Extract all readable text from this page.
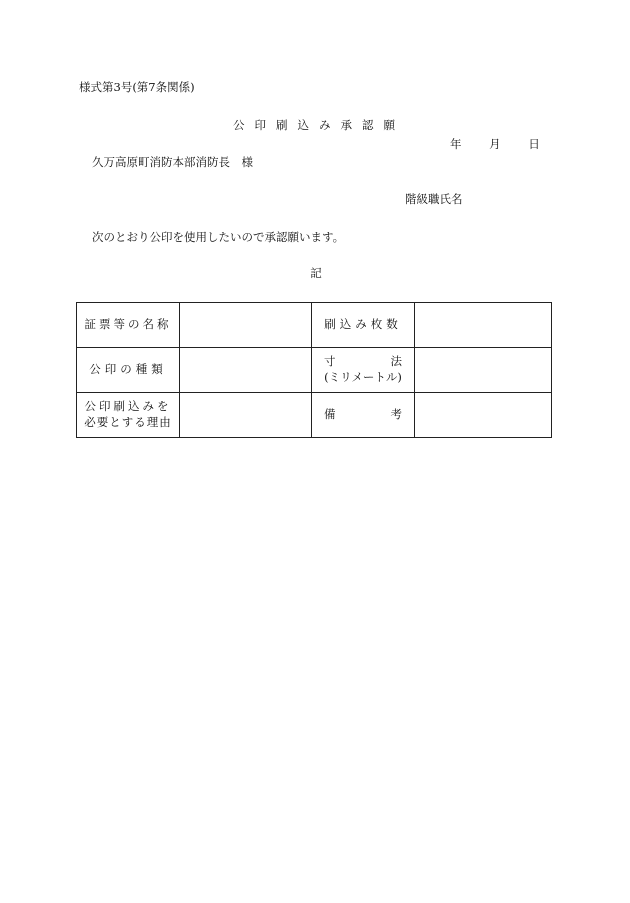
様式第3号(第7条関係)
公印刷込み承認願
年 月 日
久万高原町消防本部消防長　様
階級職氏名
次のとおり公印を使用したいので承認願います。
記
証票等の名称		刷込み枚数	
公印の種類		寸 法
(ミリメートル)	

公印刷込みを
必要とする理由		備 考	
